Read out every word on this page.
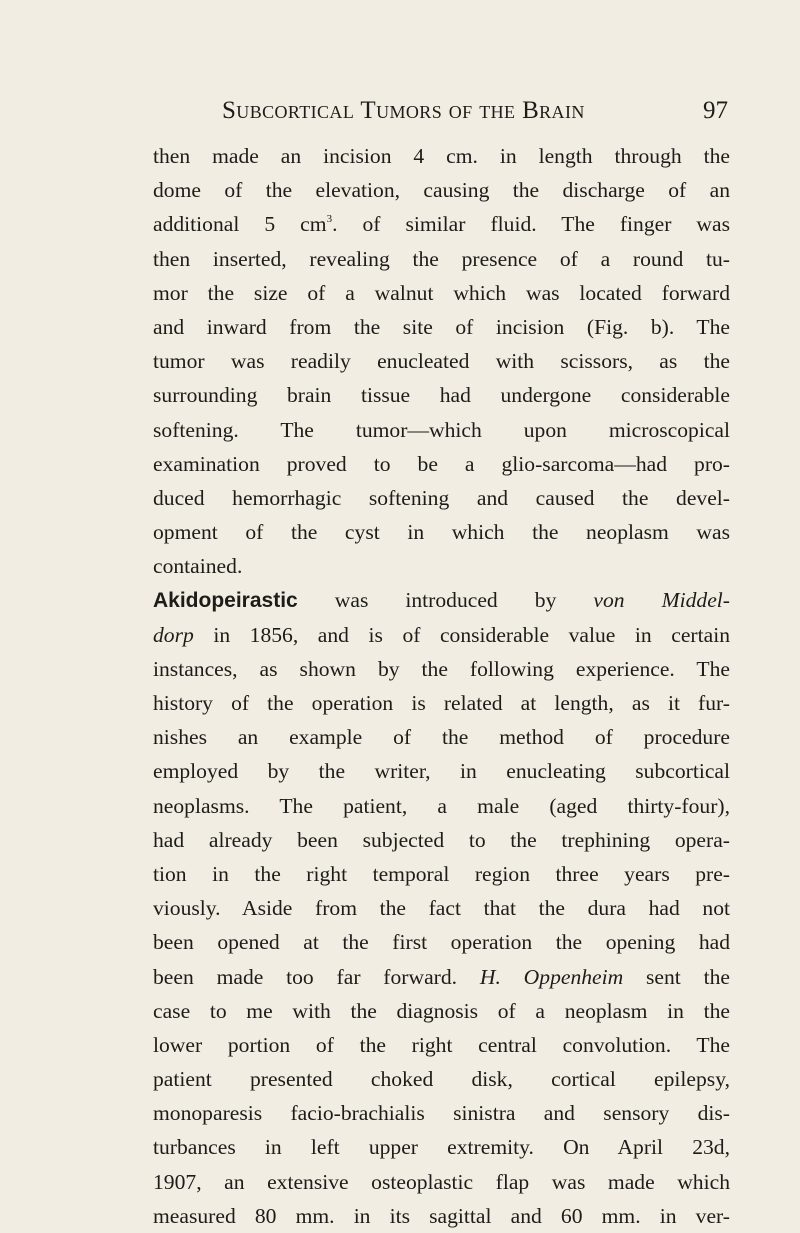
Subcortical Tumors of the Brain	97
then made an incision 4 cm. in length through the
dome of the elevation, causing the discharge of an
additional 5 $cm^3$. of similar fluid. The finger was
then inserted, revealing the presence of a round tu-
mor the size of a walnut which was located forward
and inward from the site of incision (Fig. b). The
tumor was readily enucleated with scissors, as the
surrounding brain tissue had undergone considerable
softening. The tumor—which upon microscopical
examination proved to be a glio-sarcoma—had pro-
duced hemorrhagic softening and caused the devel-
opment of the cyst in which the neoplasm was
contained.
Akidopeirastic was introduced by von Middel-
dorp in 1856, and is of considerable value in certain
instances, as shown by the following experience. The
history of the operation is related at length, as it fur-
nishes an example of the method of procedure
employed by the writer, in enucleating subcortical
neoplasms. The patient, a male (aged thirty-four),
had already been subjected to the trephining opera-
tion in the right temporal region three years pre-
viously. Aside from the fact that the dura had not
been opened at the first operation the opening had
been made too far forward. H. Oppenheim sent the
case to me with the diagnosis of a neoplasm in the
lower portion of the right central convolution. The
patient presented choked disk, cortical epilepsy,
monoparesis facio-brachialis sinistra and sensory dis-
turbances in left upper extremity. On April 23d,
1907, an extensive osteoplastic flap was made which
measured 80 mm. in its sagittal and 60 mm. in ver-
